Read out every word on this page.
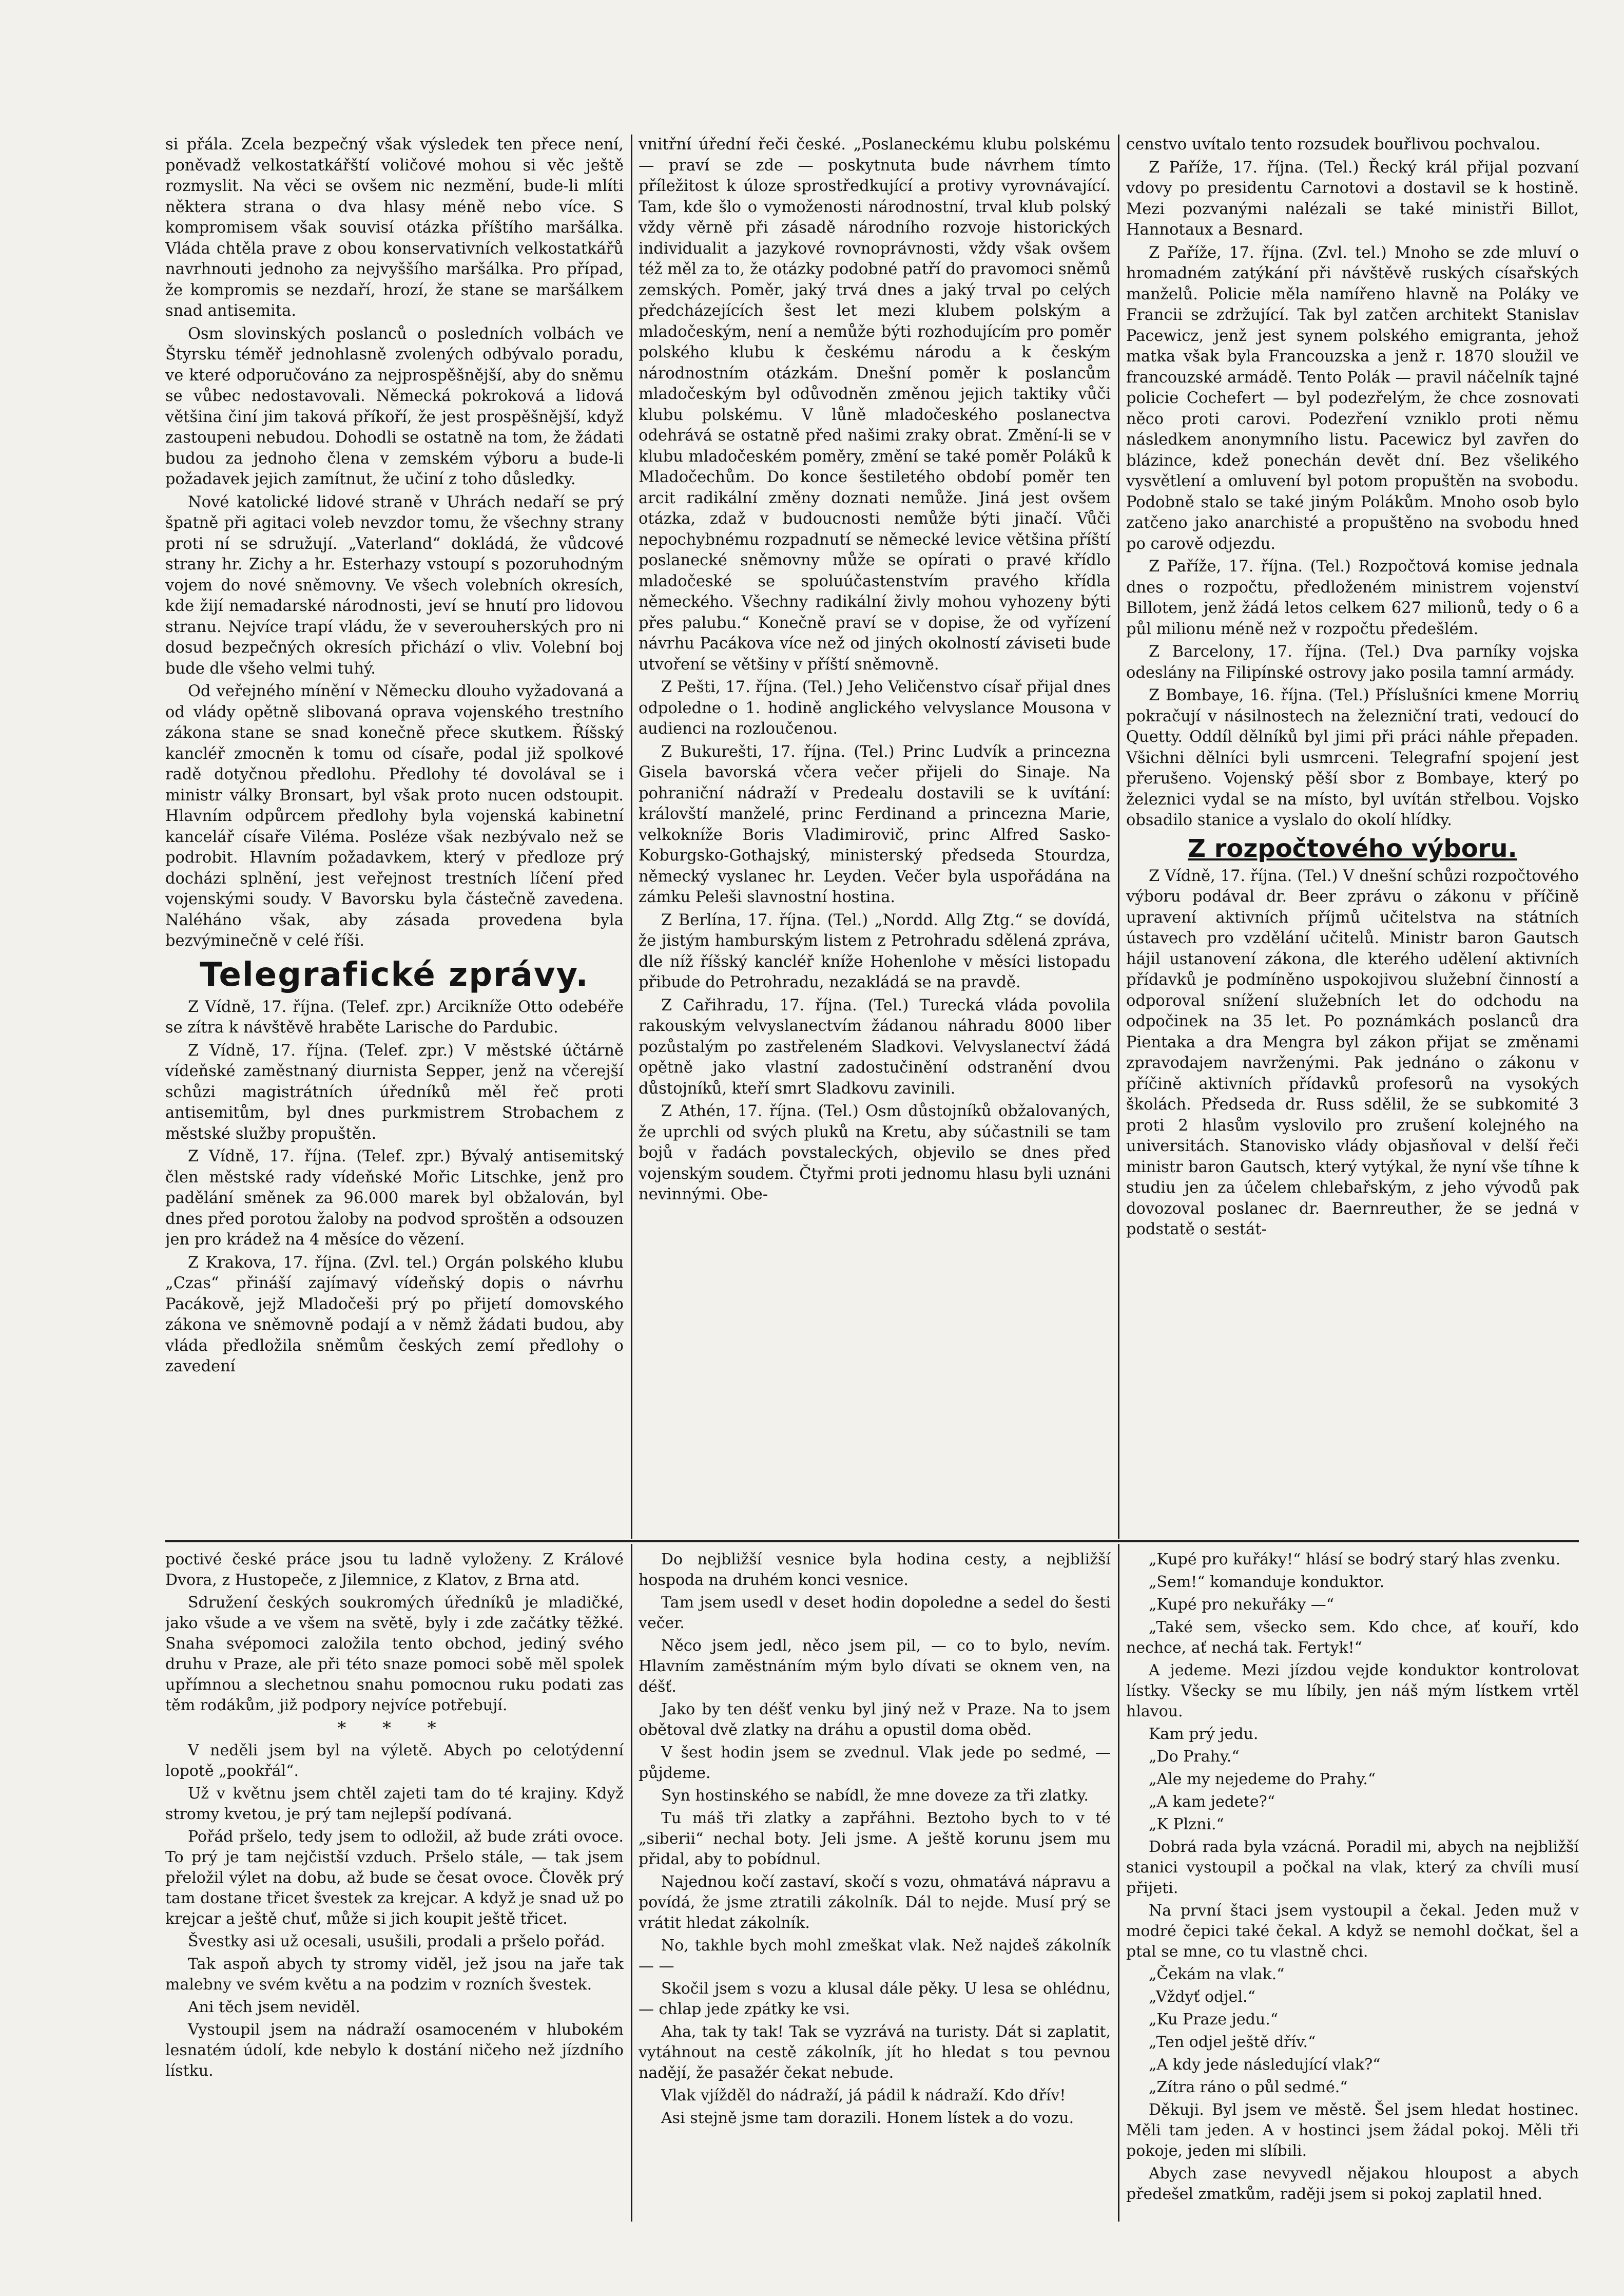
si přála. Zcela bezpečný však výsledek ten přece není, poněvadž velkostatkářští voličové mohou si věc ještě rozmyslit. Na věci se ovšem nic nezmění, bude-li mlíti některa strana o dva hlasy méně nebo více. S kompromisem však souvisí otázka příštího maršálka. Vláda chtěla prave z obou konservativních velkostatkářů navrhnouti jednoho za nejvyššího maršálka. Pro případ, že kompromis se nezdaří, hrozí, že stane se maršálkem snad antisemita.

Osm slovinských poslanců o posledních volbách ve Štyrsku téměř jednohlasně zvolených odbývalo poradu, ve které odporučováno za nejprospěšnější, aby do sněmu se vůbec nedostavovali. Německá pokroková a lidová většina činí jim taková příkoří, že jest prospěšnější, když zastoupeni nebudou. Dohodli se ostatně na tom, že žádati budou za jednoho člena v zemském výboru a bude-li požadavek jejich zamítnut, že učiní z toho důsledky.

Nové katolické lidové straně v Uhrách nedaří se prý špatně při agitaci voleb nevzdor tomu, že všechny strany proti ní se sdružují. „Vaterland“ dokládá, že vůdcové strany hr. Zichy a hr. Esterhazy vstoupí s pozoruhodným vojem do nové sněmovny. Ve všech volebních okresích, kde žijí nemadarské národnosti, jeví se hnutí pro lidovou stranu. Nejvíce trapí vládu, že v severouherských pro ni dosud bezpečných okresích přichází o vliv. Volební boj bude dle všeho velmi tuhý.

Od veřejného mínění v Německu dlouho vyžadovaná a od vlády opětně slibovaná oprava vojenského trestního zákona stane se snad konečně přece skutkem. Říšský kancléř zmocněn k tomu od císaře, podal již spolkové radě dotyčnou předlohu. Předlohy té dovolával se i ministr války Bronsart, byl však proto nucen odstoupit. Hlavním odpůrcem předlohy byla vojenská kabinetní kancelář císaře Viléma. Posléze však nezbývalo než se podrobit. Hlavním požadavkem, který v předloze prý docházi splnění, jest veřejnost trestních líčení před vojenskými soudy. V Bavorsku byla částečně zavedena. Naléháno však, aby zásada provedena byla bezvýminečně v celé říši.

Telegrafické zprávy.

Z Vídně, 17. října. (Telef. zpr.) Arcikníže Otto odebéře se zítra k návštěvě hraběte Larische do Pardubic.

Z Vídně, 17. října. (Telef. zpr.) V městské účtárně vídeňské zaměstnaný diurnista Sepper, jenž na včerejší schůzi magistrátních úředníků měl řeč proti antisemitům, byl dnes purkmistrem Strobachem z městské služby propuštěn.

Z Vídně, 17. října. (Telef. zpr.) Bývalý antisemitský člen městské rady vídeňské Mořic Litschke, jenž pro padělání směnek za 96.000 marek byl obžalován, byl dnes před porotou žaloby na podvod sproštěn a odsouzen jen pro krádež na 4 měsíce do vězení.

Z Krakova, 17. října. (Zvl. tel.) Orgán polského klubu „Czas“ přináší zajímavý vídeňský dopis o návrhu Pacákově, jejž Mladočeši prý po přijetí domovského zákona ve sněmovně podají a v němž žádati budou, aby vláda předložila sněmům českých zemí předlohy o zavedení

vnitřní úřední řeči české. „Poslaneckému klubu polskému — praví se zde — poskytnuta bude návrhem tímto příležitost k úloze sprostředkující a protivy vyrovnávající. Tam, kde šlo o vymoženosti národnostní, trval klub polský vždy věrně při zásadě národního rozvoje historických individualit a jazykové rovnoprávnosti, vždy však ovšem též měl za to, že otázky podobné patří do pravomoci sněmů zemských. Poměr, jaký trvá dnes a jaký trval po celých předcházejících šest let mezi klubem polským a mladočeským, není a nemůže býti rozhodujícím pro poměr polského klubu k českému národu a k českým národnostním otázkám. Dnešní poměr k poslancům mladočeským byl odůvodněn změnou jejich taktiky vůči klubu polskému. V lůně mladočeského poslanectva odehrává se ostatně před našimi zraky obrat. Změní-li se v klubu mladočeském poměry, změní se také poměr Poláků k Mladočechům. Do konce šestiletého období poměr ten arcit radikální změny doznati nemůže. Jiná jest ovšem otázka, zdaž v budoucnosti nemůže býti jinačí. Vůči nepochybnému rozpadnutí se německé levice většina příští poslanecké sněmovny může se opírati o pravé křídlo mladočeské se spoluúčastenstvím pravého křídla německého. Všechny radikální živly mohou vyhozeny býti přes palubu.“ Konečně praví se v dopise, že od vyřízení návrhu Pacákova více než od jiných okolností záviseti bude utvoření se většiny v příští sněmovně.

Z Pešti, 17. října. (Tel.) Jeho Veličenstvo císař přijal dnes odpoledne o 1. hodině anglického velvyslance Mousona v audienci na rozloučenou.

Z Bukurešti, 17. října. (Tel.) Princ Ludvík a princezna Gisela bavorská včera večer přijeli do Sinaje. Na pohraniční nádraží v Predealu dostavili se k uvítání: královští manželé, princ Ferdinand a princezna Marie, velkokníže Boris Vladimirovič, princ Alfred Sasko-Koburgsko-Gothajský, ministerský předseda Stourdza, německý vyslanec hr. Leyden. Večer byla uspořádána na zámku Peleši slavnostní hostina.

Z Berlína, 17. října. (Tel.) „Nordd. Allg Ztg.“ se dovídá, že jistým hamburským listem z Petrohradu sdělená zpráva, dle níž říšský kancléř kníže Hohenlohe v měsíci listopadu přibude do Petrohradu, nezakládá se na pravdě.

Z Cařihradu, 17. října. (Tel.) Turecká vláda povolila rakouským velvyslanectvím žádanou náhradu 8000 liber pozůstalým po zastřeleném Sladkovi. Velvyslanectví žádá opětně jako vlastní zadostučinění odstranění dvou důstojníků, kteří smrt Sladkovu zavinili.

Z Athén, 17. října. (Tel.) Osm důstojníků obžalovaných, že uprchli od svých pluků na Kretu, aby súčastnili se tam bojů v řadách povstaleckých, objevilo se dnes před vojenským soudem. Čtyřmi proti jednomu hlasu byli uznáni nevinnými. Obe-

censtvo uvítalo tento rozsudek bouřlivou pochvalou.

Z Paříže, 17. října. (Tel.) Řecký král přijal pozvaní vdovy po presidentu Carnotovi a dostavil se k hostině. Mezi pozvanými nalézali se také ministři Billot, Hannotaux a Besnard.

Z Paříže, 17. října. (Zvl. tel.) Mnoho se zde mluví o hromadném zatýkání při návštěvě ruských císařských manželů. Policie měla namířeno hlavně na Poláky ve Francii se zdržující. Tak byl zatčen architekt Stanislav Pacewicz, jenž jest synem polského emigranta, jehož matka však byla Francouzska a jenž r. 1870 sloužil ve francouzské armádě. Tento Polák — pravil náčelník tajné policie Cochefert — byl podezřelým, že chce zosnovati něco proti carovi. Podezření vzniklo proti němu následkem anonymního listu. Pacewicz byl zavřen do blázince, kdež ponechán devět dní. Bez všelikého vysvětlení a omluvení byl potom propuštěn na svobodu. Podobně stalo se také jiným Polákům. Mnoho osob bylo zatčeno jako anarchisté a propuštěno na svobodu hned po carově odjezdu.

Z Paříže, 17. října. (Tel.) Rozpočtová komise jednala dnes o rozpočtu, předloženém ministrem vojenství Billotem, jenž žádá letos celkem 627 milionů, tedy o 6 a půl milionu méně než v rozpočtu předešlém.

Z Barcelony, 17. října. (Tel.) Dva parníky vojska odeslány na Filipínské ostrovy jako posila tamní armády.

Z Bombaye, 16. října. (Tel.) Příslušníci kmene Morrių pokračují v násilnostech na železniční trati, vedoucí do Quetty. Oddíl dělníků byl jimi při práci náhle přepaden. Všichni dělníci byli usmrceni. Telegrafní spojení jest přerušeno. Vojenský pěší sbor z Bombaye, který po železnici vydal se na místo, byl uvítán střelbou. Vojsko obsadilo stanice a vyslalo do okolí hlídky.

Z rozpočtového výboru.

Z Vídně, 17. října. (Tel.) V dnešní schůzi rozpočtového výboru podával dr. Beer zprávu o zákonu v příčině upravení aktivních příjmů učitelstva na státních ústavech pro vzdělání učitelů. Ministr baron Gautsch hájil ustanovení zákona, dle kterého udělení aktivních přídavků je podmíněno uspokojivou služební činností a odporoval snížení služebních let do odchodu na odpočinek na 35 let. Po poznámkách poslanců dra Pientaka a dra Mengra byl zákon přijat se změnami zpravodajem navrženými. Pak jednáno o zákonu v příčině aktivních přídavků profesorů na vysokých školách. Předseda dr. Russ sdělil, že se subkomité 3 proti 2 hlasům vyslovilo pro zrušení kolejného na universitách. Stanovisko vlády objasňoval v delší řeči ministr baron Gautsch, který vytýkal, že nyní vše tíhne k studiu jen za účelem chlebařským, z jeho vývodů pak dovozoval poslanec dr. Baernreuther, že se jedná v podstatě o sestát-

poctivé české práce jsou tu ladně vyloženy. Z Králové Dvora, z Hustopeče, z Jilemnice, z Klatov, z Brna atd.

Sdružení českých soukromých úředníků je mladičké, jako všude a ve všem na světě, byly i zde začátky těžké. Snaha svépomoci založila tento obchod, jediný svého druhu v Praze, ale při této snaze pomoci sobě měl spolek upřímnou a slechetnou snahu pomocnou ruku podati zas těm rodákům, již podpory nejvíce potřebují.

* * *

V neděli jsem byl na výletě. Abych po celotýdenní lopotě „pookřál“.

Už v květnu jsem chtěl zajeti tam do té krajiny. Když stromy kvetou, je prý tam nejlepší podívaná.

Pořád pršelo, tedy jsem to odložil, až bude zráti ovoce. To prý je tam nejčistší vzduch. Pršelo stále, — tak jsem přeložil výlet na dobu, až bude se česat ovoce. Člověk prý tam dostane třicet švestek za krejcar. A když je snad už po krejcar a ještě chuť, může si jich koupit ještě třicet.

Švestky asi už ocesali, usušili, prodali a pršelo pořád.

Tak aspoň abych ty stromy viděl, jež jsou na jaře tak malebny ve svém květu a na podzim v rozních švestek.

Ani těch jsem neviděl.

Vystoupil jsem na nádraží osamoceném v hlubokém lesnatém údolí, kde nebylo k dostání ničeho než jízdního lístku.

Do nejbližší vesnice byla hodina cesty, a nejbližší hospoda na druhém konci vesnice.

Tam jsem usedl v deset hodin dopoledne a sedel do šesti večer.

Něco jsem jedl, něco jsem pil, — co to bylo, nevím. Hlavním zaměstnáním mým bylo dívati se oknem ven, na déšť.

Jako by ten déšť venku byl jiný než v Praze. Na to jsem obětoval dvě zlatky na dráhu a opustil doma oběd.

V šest hodin jsem se zvednul. Vlak jede po sedmé, — půjdeme.

Syn hostinského se nabídl, že mne doveze za tři zlatky.

Tu máš tři zlatky a zapřáhni. Beztoho bych to v té „siberii“ nechal boty. Jeli jsme. A ještě korunu jsem mu přidal, aby to pobídnul.

Najednou kočí zastaví, skočí s vozu, ohmatává nápravu a povídá, že jsme ztratili zákolník. Dál to nejde. Musí prý se vrátit hledat zákolník.

No, takhle bych mohl zmeškat vlak. Než najdeš zákolník — —

Skočil jsem s vozu a klusal dále pěky. U lesa se ohlédnu, — chlap jede zpátky ke vsi.

Aha, tak ty tak! Tak se vyzrává na turisty. Dát si zaplatit, vytáhnout na cestě zákolník, jít ho hledat s tou pevnou nadějí, že pasažér čekat nebude.

Vlak vjížděl do nádraží, já pádil k nádraží. Kdo dřív!

Asi stejně jsme tam dorazili. Honem lístek a do vozu.

„Kupé pro kuřáky!“ hlásí se bodrý starý hlas zvenku.

„Sem!“ komanduje konduktor.

„Kupé pro nekuřáky —“

„Také sem, všecko sem. Kdo chce, ať kouří, kdo nechce, ať nechá tak. Fertyk!“

A jedeme. Mezi jízdou vejde konduktor kontrolovat lístky. Všecky se mu líbily, jen náš mým lístkem vrtěl hlavou.

Kam prý jedu.

„Do Prahy.“

„Ale my nejedeme do Prahy.“

„A kam jedete?“

„K Plzni.“

Dobrá rada byla vzácná. Poradil mi, abych na nejbližší stanici vystoupil a počkal na vlak, který za chvíli musí přijeti.

Na první štaci jsem vystoupil a čekal. Jeden muž v modré čepici také čekal. A když se nemohl dočkat, šel a ptal se mne, co tu vlastně chci.

„Čekám na vlak.“

„Vždyť odjel.“

„Ku Praze jedu.“

„Ten odjel ještě dřív.“

„A kdy jede následující vlak?“

„Zítra ráno o půl sedmé.“

Děkuji. Byl jsem ve městě. Šel jsem hledat hostinec. Měli tam jeden. A v hostinci jsem žádal pokoj. Měli tři pokoje, jeden mi slíbili.

Abych zase nevyvedl nějakou hloupost a abych předešel zmatkům, raději jsem si pokoj zaplatil hned.
